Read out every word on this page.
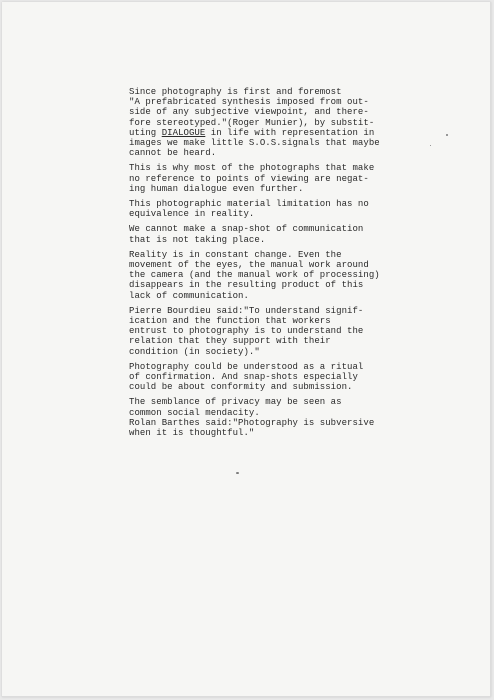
Since photography is first and foremost
"A prefabricated synthesis imposed from out-
side of any subjective viewpoint, and there-
fore stereotyped."(Roger Munier), by substit-
uting DIALOGUE in life with representation in
images we make little S.O.S.signals that maybe
cannot be heard.
This is why most of the photographs that make
no reference to points of viewing are negat-
ing human dialogue even further.
This photographic material limitation has no
equivalence in reality.
We cannot make a snap-shot of communication
that is not taking place.
Reality is in constant change. Even the
movement of the eyes, the manual work around
the camera (and the manual work of processing)
disappears in the resulting product of this
lack of communication.
Pierre Bourdieu said:"To understand signif-
ication and the function that workers
entrust to photography is to understand the
relation that they support with their
condition (in society)."
Photography could be understood as a ritual
of confirmation. And snap-shots especially
could be about conformity and submission.
The semblance of privacy may be seen as
common social mendacity.
Rolan Barthes said:"Photography is subversive
when it is thoughtful."
